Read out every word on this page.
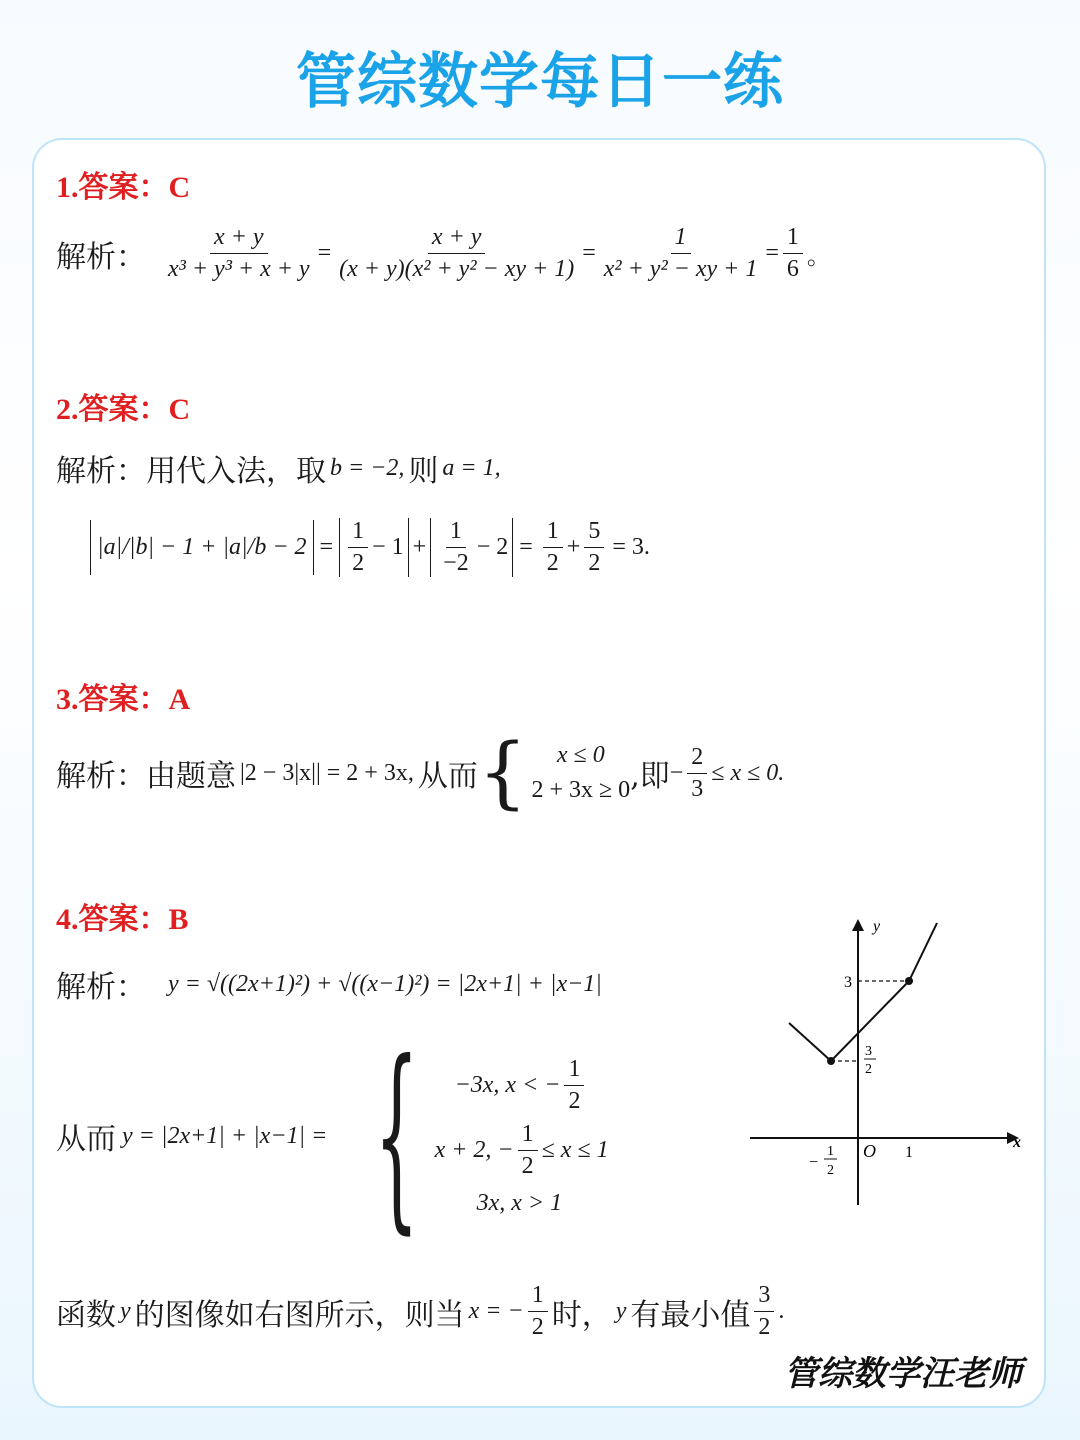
管综数学每日一练
1.答案：C
解析： $\frac{x + y}{\text{x³ + y³ + x + y}} = \frac{x + y}{\text{(x + y)(x² + y² − xy + 1)}} = \frac{1}{\text{x² + y² − xy + 1}} = \frac{1}{6}$ 。
2.答案：C
解析：用代入法，取 b = −2, 则 a = 1,
$|a|/|b| - 1 + |a|/b - 2 = \frac{1}{2} - 1 + \frac{1}{-2} - 2 = \frac{1}{2} + \frac{5}{2} = 3$.
3.答案：A
解析：由题意 |2 − 3|x|| = 2 + 3x, 从而 { x ≤ 0
2 + 3x ≥ 0 ,即 − $\frac{2}{3} \le x \le 0$.
4.答案：B
解析： y = √((2x+1)²) + √((x−1)²) = |2x+1| + |x−1|
从而 y = |2x+1| + |x−1| = { −3x, x < − $\frac{1}{2}$
x + 2, − $\frac{1}{2} \le x \le 1$
3x, x > 1
y
x
O
3
1
3
2
−
1
2
函数 y 的图像如右图所示，则当 x = − $\frac{1}{2}$ 时， y 有最小值 $\frac{3}{2}$ .
管综数学汪老师
